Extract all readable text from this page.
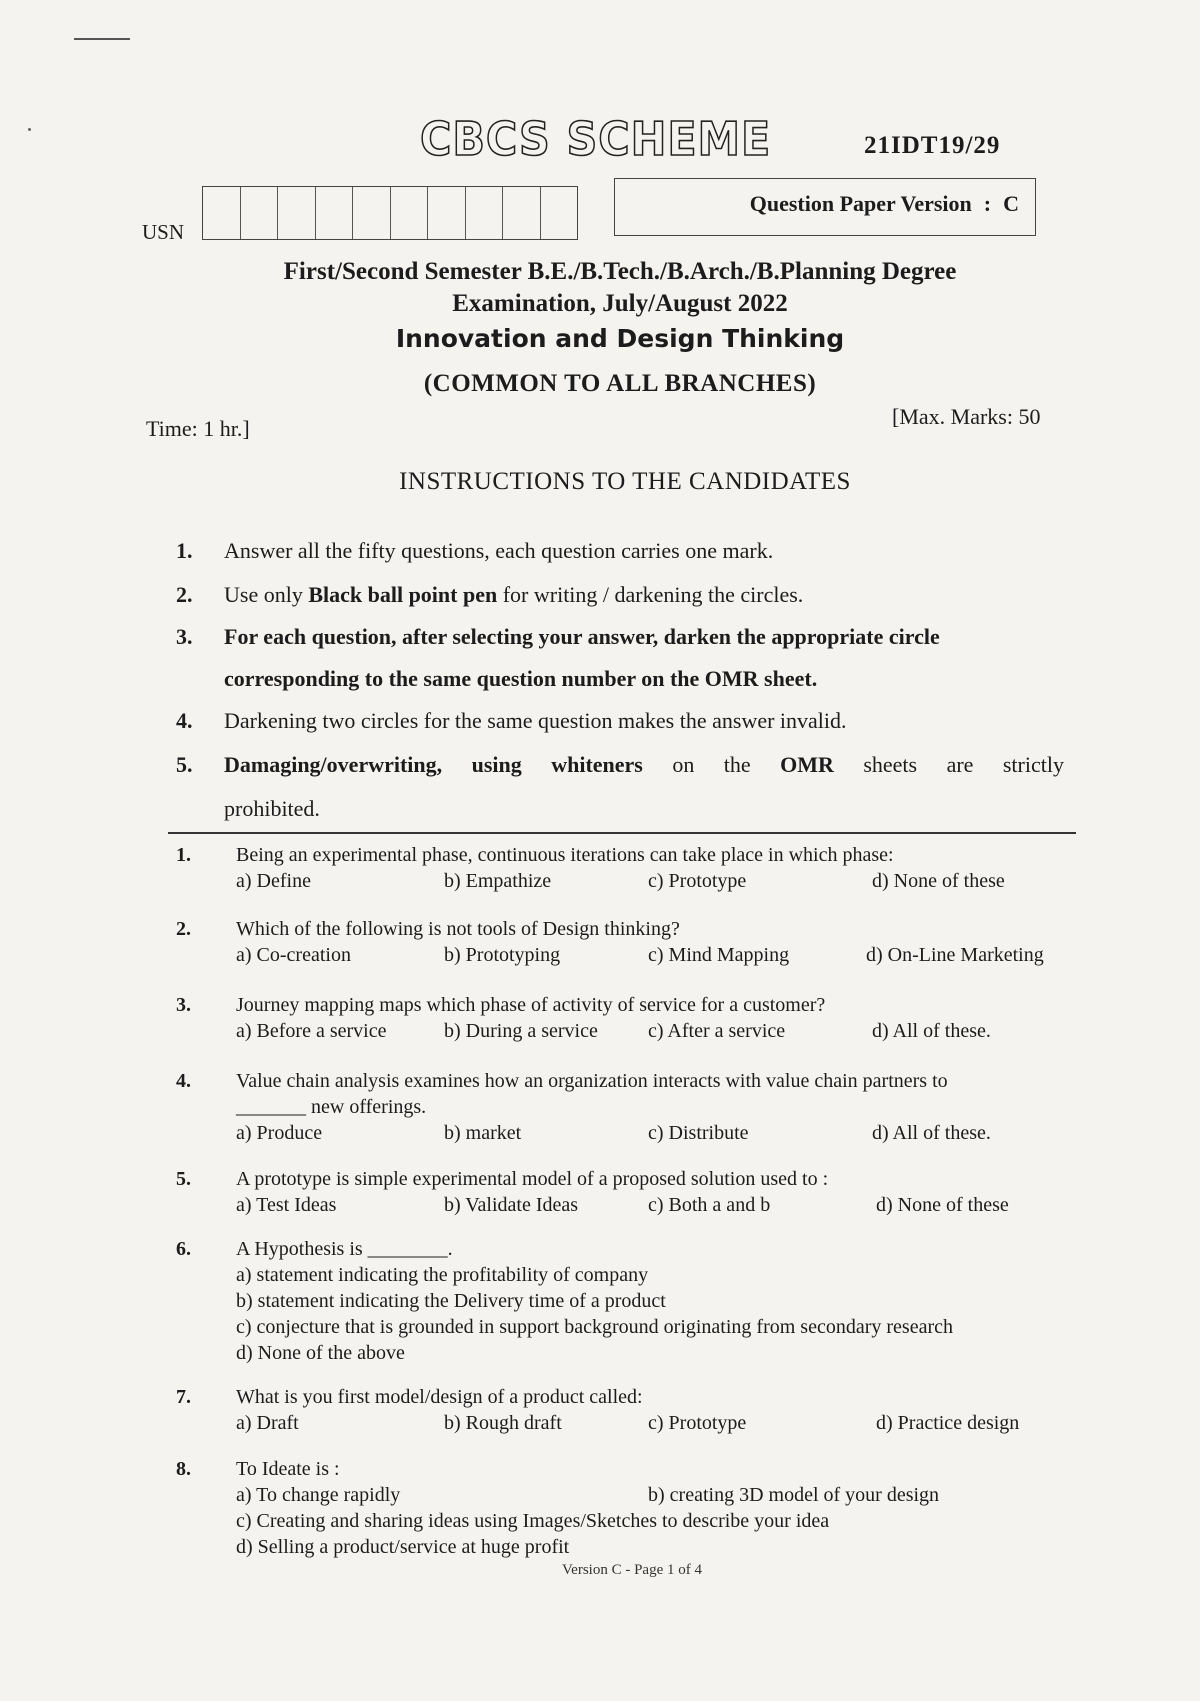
CBCS SCHEME	21IDT19/29
USN
Question Paper Version : C
First/Second Semester B.E./B.Tech./B.Arch./B.Planning Degree
Examination, July/August 2022
Innovation and Design Thinking
(COMMON TO ALL BRANCHES)
Time: 1 hr.]	[Max. Marks: 50
INSTRUCTIONS TO THE CANDIDATES
1.	Answer all the fifty questions, each question carries one mark.
2.	Use only Black ball point pen for writing / darkening the circles.
3.	For each question, after selecting your answer, darken the appropriate circle
corresponding to the same question number on the OMR sheet.
4.	Darkening two circles for the same question makes the answer invalid.
5.	Damaging/overwriting, using whiteners on the OMR sheets are strictly
prohibited.
1. Being an experimental phase, continuous iterations can take place in which phase:
a) Define	b) Empathize	c) Prototype	d) None of these
2. Which of the following is not tools of Design thinking?
a) Co-creation	b) Prototyping	c) Mind Mapping	d) On-Line Marketing
3. Journey mapping maps which phase of activity of service for a customer?
a) Before a service	b) During a service	c) After a service	d) All of these.
4. Value chain analysis examines how an organization interacts with value chain partners to
_______ new offerings.
a) Produce	b) market	c) Distribute	d) All of these.
5. A prototype is simple experimental model of a proposed solution used to :
a) Test Ideas	b) Validate Ideas	c) Both a and b	d) None of these
6. A Hypothesis is ________.
a) statement indicating the profitability of company
b) statement indicating the Delivery time of a product
c) conjecture that is grounded in support background originating from secondary research
d) None of the above
7. What is you first model/design of a product called:
a) Draft	b) Rough draft	c) Prototype	d) Practice design
8. To Ideate is :
a) To change rapidly	b) creating 3D model of your design
c) Creating and sharing ideas using Images/Sketches to describe your idea
d) Selling a product/service at huge profit
Version C - Page 1 of 4
